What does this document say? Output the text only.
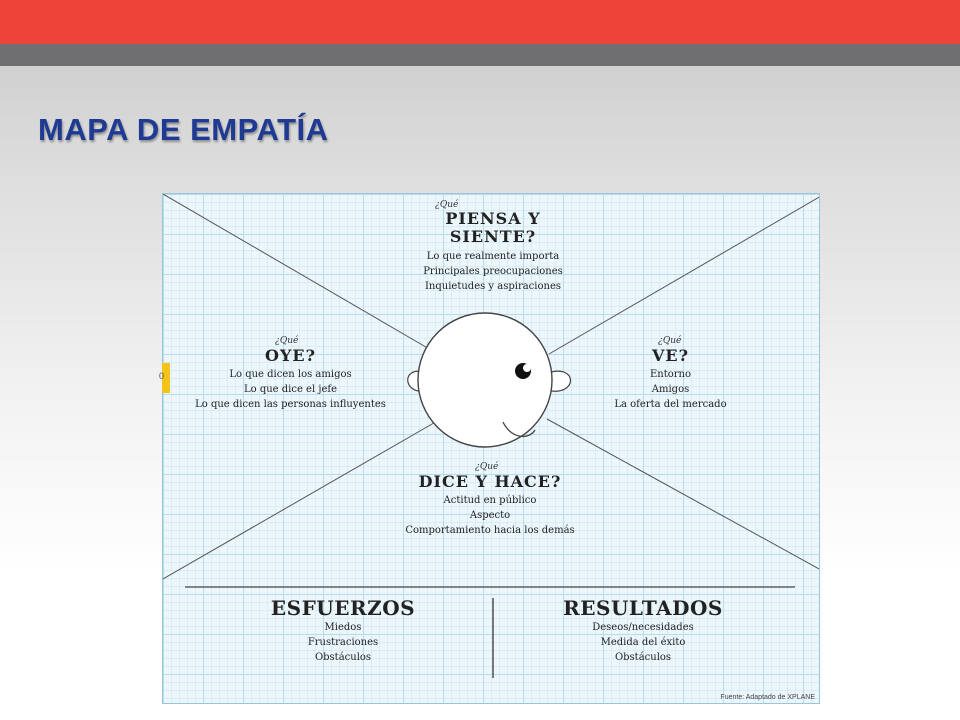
MAPA DE EMPATÍA
¿Qué
PIENSA Y
SIENTE?
Lo que realmente importa
Principales preocupaciones
Inquietudes y aspiraciones
¿Qué
OYE?
Lo que dicen los amigos
Lo que dice el jefe
Lo que dicen las personas influyentes
¿Qué
VE?
Entorno
Amigos
La oferta del mercado
¿Qué
DICE Y HACE?
Actitud en público
Aspecto
Comportamiento hacia los demás
ESFUERZOS
Miedos
Frustraciones
Obstáculos
RESULTADOS
Deseos/necesidades
Medida del éxito
Obstáculos
Fuente: Adaptado de XPLANE
0
